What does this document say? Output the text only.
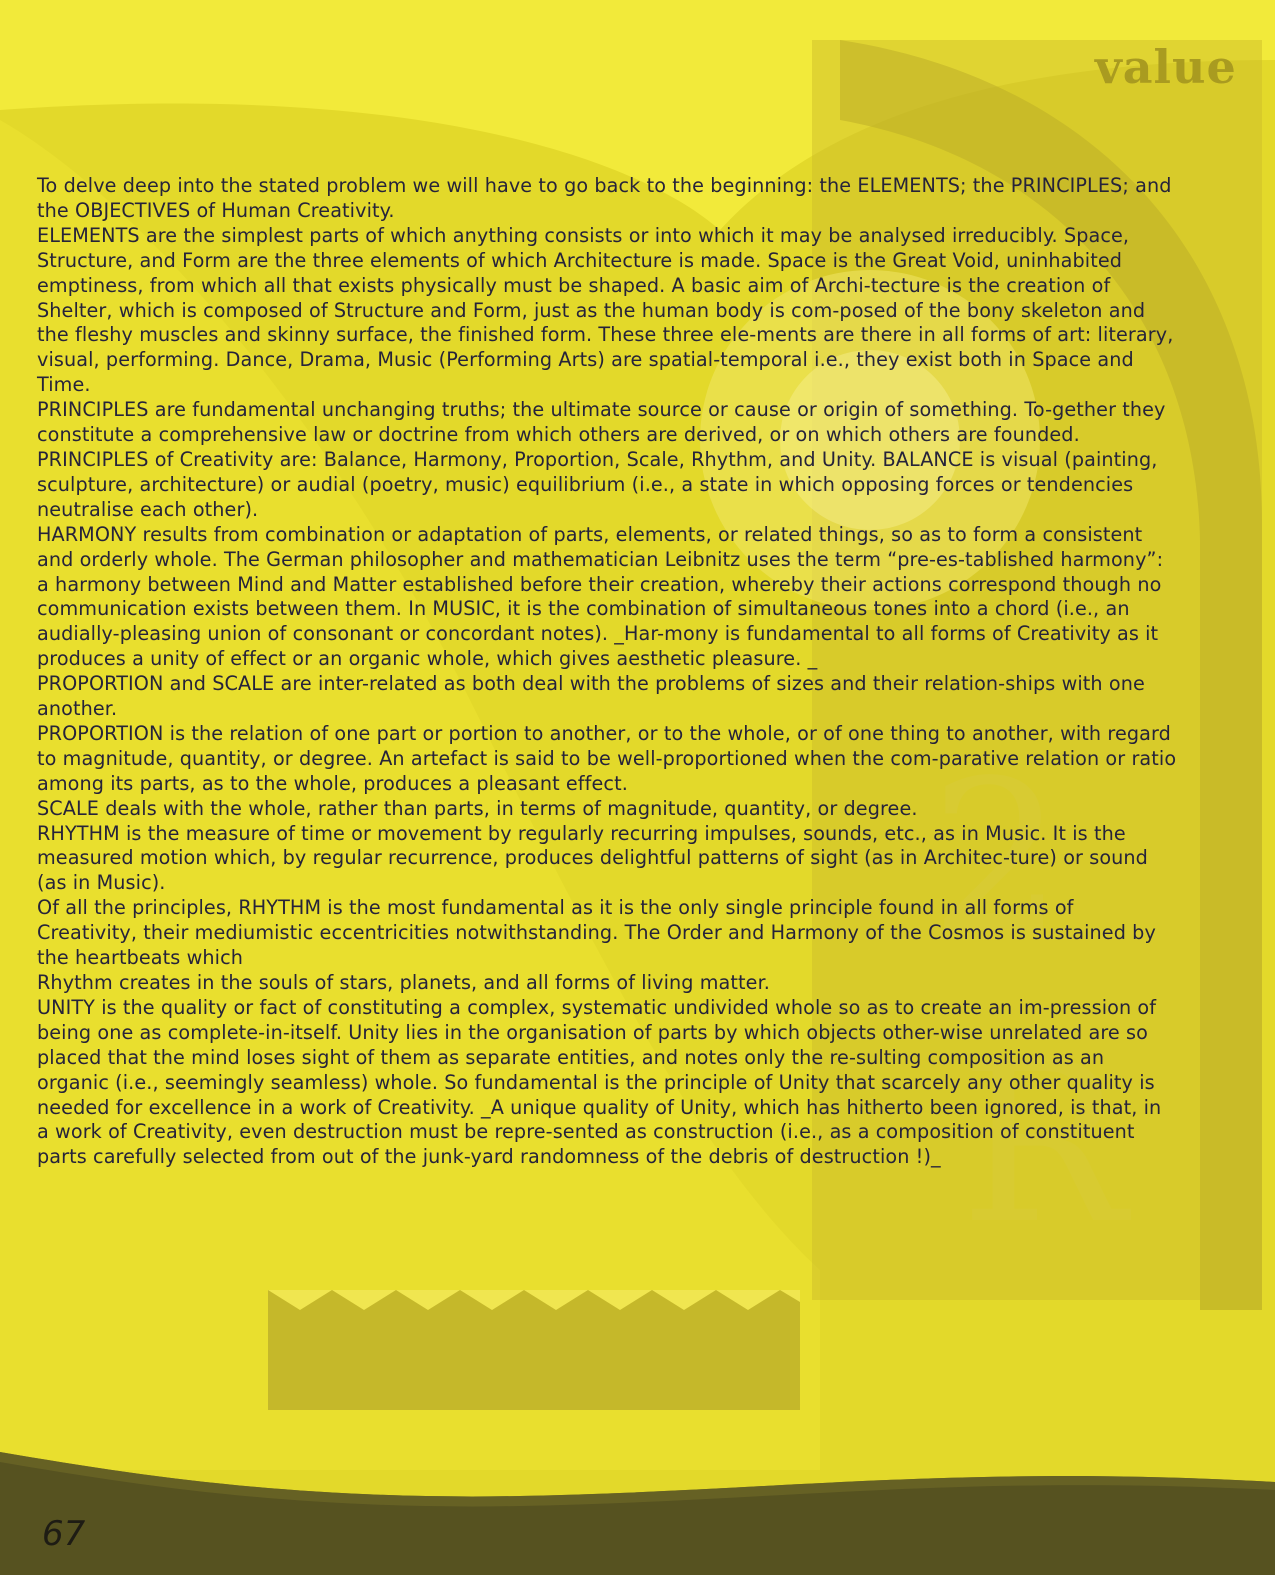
2
R
value

To delve deep into the stated problem we will have to go back to the beginning: the ELEMENTS; the PRINCIPLES; and the OBJECTIVES of Human Creativity.

ELEMENTS are the simplest parts of which anything consists or into which it may be analysed irreducibly. Space, Structure, and Form are the three elements of which Architecture is made. Space is the Great Void, uninhabited emptiness, from which all that exists physically must be shaped. A basic aim of Archi-tecture is the creation of Shelter, which is composed of Structure and Form, just as the human body is com-posed of the bony skeleton and the fleshy muscles and skinny surface, the finished form. These three ele-ments are there in all forms of art: literary, visual, performing. Dance, Drama, Music (Performing Arts) are spatial-temporal i.e., they exist both in Space and Time.

PRINCIPLES are fundamental unchanging truths; the ultimate source or cause or origin of something. To-gether they constitute a comprehensive law or doctrine from which others are derived, or on which others are founded.

PRINCIPLES of Creativity are: Balance, Harmony, Proportion, Scale, Rhythm, and Unity. BALANCE is visual (painting, sculpture, architecture) or audial (poetry, music) equilibrium (i.e., a state in which opposing forces or tendencies neutralise each other).

HARMONY results from combination or adaptation of parts, elements, or related things, so as to form a consistent and orderly whole. The German philosopher and mathematician Leibnitz uses the term “pre-es-tablished harmony”: a harmony between Mind and Matter established before their creation, whereby their actions correspond though no communication exists between them. In MUSIC, it is the combination of simultaneous tones into a chord (i.e., an audially-pleasing union of consonant or concordant notes). _Har-mony is fundamental to all forms of Creativity as it produces a unity of effect or an organic whole, which gives aesthetic pleasure. _

PROPORTION and SCALE are inter-related as both deal with the problems of sizes and their relation-ships with one another.

PROPORTION is the relation of one part or portion to another, or to the whole, or of one thing to another, with regard to magnitude, quantity, or degree. An artefact is said to be well-proportioned when the com-parative relation or ratio among its parts, as to the whole, produces a pleasant effect.

SCALE deals with the whole, rather than parts, in terms of magnitude, quantity, or degree.

RHYTHM is the measure of time or movement by regularly recurring impulses, sounds, etc., as in Music. It is the measured motion which, by regular recurrence, produces delightful patterns of sight (as in Architec-ture) or sound (as in Music).

Of all the principles, RHYTHM is the most fundamental as it is the only single principle found in all forms of Creativity, their mediumistic eccentricities notwithstanding. The Order and Harmony of the Cosmos is sustained by the heartbeats which
Rhythm creates in the souls of stars, planets, and all forms of living matter.

UNITY is the quality or fact of constituting a complex, systematic undivided whole so as to create an im-pression of being one as complete-in-itself. Unity lies in the organisation of parts by which objects other-wise unrelated are so placed that the mind loses sight of them as separate entities, and notes only the re-sulting composition as an organic (i.e., seemingly seamless) whole. So fundamental is the principle of Unity that scarcely any other quality is needed for excellence in a work of Creativity. _A unique quality of Unity, which has hitherto been ignored, is that, in a work of Creativity, even destruction must be repre-sented as construction (i.e., as a composition of constituent parts carefully selected from out of the junk-yard randomness of the debris of destruction !)_

67
